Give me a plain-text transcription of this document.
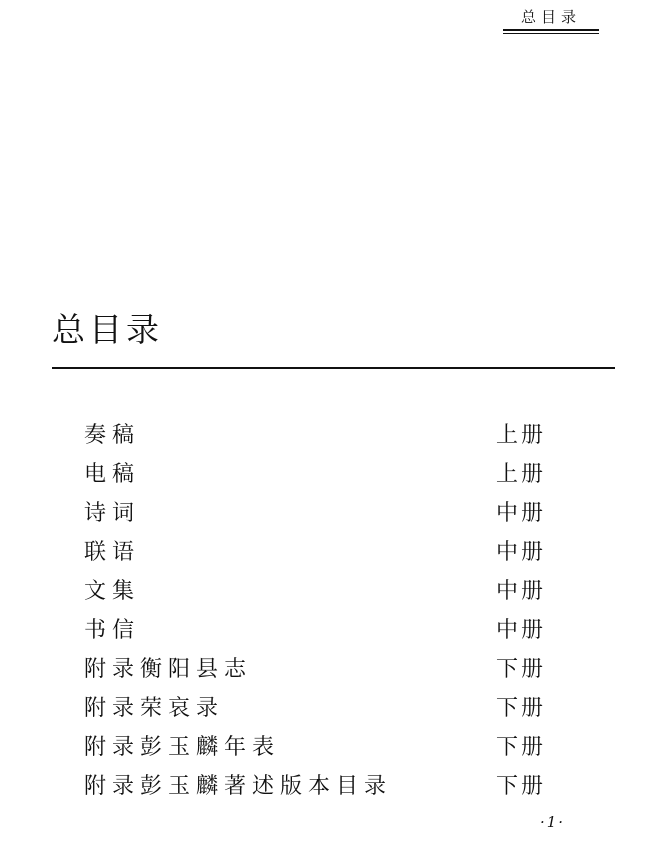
总目录
总目录
奏稿	上册
电稿	上册
诗词	中册
联语	中册
文集	中册
书信	中册
附录衡阳县志	下册
附录荣哀录	下册
附录彭玉麟年表	下册
附录彭玉麟著述版本目录	下册
·1·
